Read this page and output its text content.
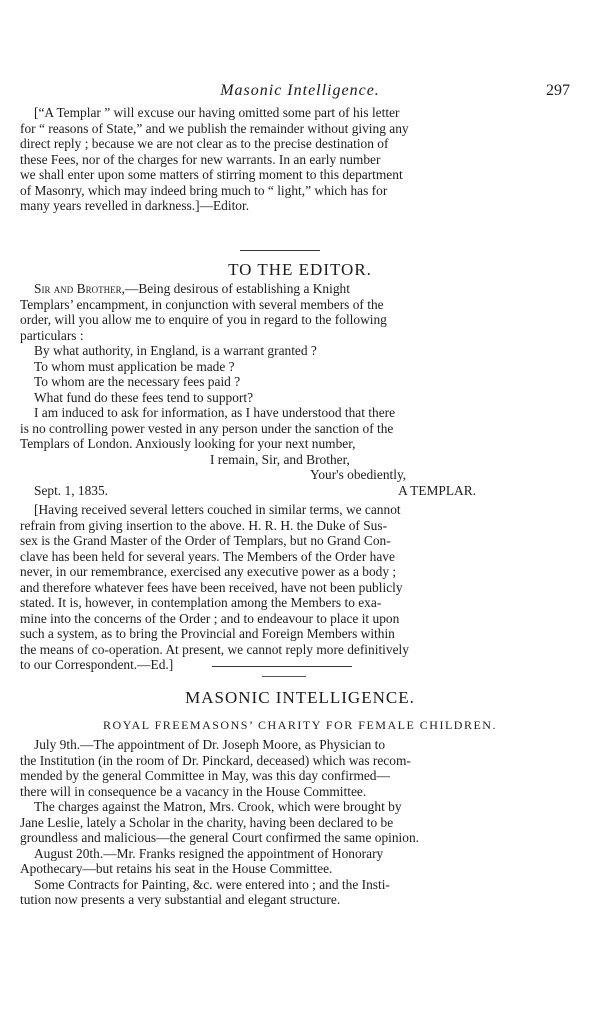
Masonic Intelligence.	297

[“A Templar ” will excuse our having omitted some part of his letter

for “ reasons of State,” and we publish the remainder without giving any

direct reply ; because we are not clear as to the precise destination of

these Fees, nor of the charges for new warrants. In an early number

we shall enter upon some matters of stirring moment to this department

of Masonry, which may indeed bring much to “ light,” which has for

many years revelled in darkness.]—Editor.

TO THE EDITOR.

Sir and Brother,—Being desirous of establishing a Knight

Templars’ encampment, in conjunction with several members of the

order, will you allow me to enquire of you in regard to the following

particulars :

By what authority, in England, is a warrant granted ?

To whom must application be made ?

To whom are the necessary fees paid ?

What fund do these fees tend to support?

I am induced to ask for information, as I have understood that there

is no controlling power vested in any person under the sanction of the

Templars of London. Anxiously looking for your next number,

I remain, Sir, and Brother,

Your's obediently,

Sept. 1, 1835.	A TEMPLAR.

[Having received several letters couched in similar terms, we cannot

refrain from giving insertion to the above. H. R. H. the Duke of Sus-

sex is the Grand Master of the Order of Templars, but no Grand Con-

clave has been held for several years. The Members of the Order have

never, in our remembrance, exercised any executive power as a body ;

and therefore whatever fees have been received, have not been publicly

stated. It is, however, in contemplation among the Members to exa-

mine into the concerns of the Order ; and to endeavour to place it upon

such a system, as to bring the Provincial and Foreign Members within

the means of co-operation. At present, we cannot reply more definitively

to our Correspondent.—Ed.]

MASONIC INTELLIGENCE.
ROYAL FREEMASONS’ CHARITY FOR FEMALE CHILDREN.

July 9th.—The appointment of Dr. Joseph Moore, as Physician to

the Institution (in the room of Dr. Pinckard, deceased) which was recom-

mended by the general Committee in May, was this day confirmed—

there will in consequence be a vacancy in the House Committee.

The charges against the Matron, Mrs. Crook, which were brought by

Jane Leslie, lately a Scholar in the charity, having been declared to be

groundless and malicious—the general Court confirmed the same opinion.

August 20th.—Mr. Franks resigned the appointment of Honorary

Apothecary—but retains his seat in the House Committee.

Some Contracts for Painting, &c. were entered into ; and the Insti-

tution now presents a very substantial and elegant structure.
